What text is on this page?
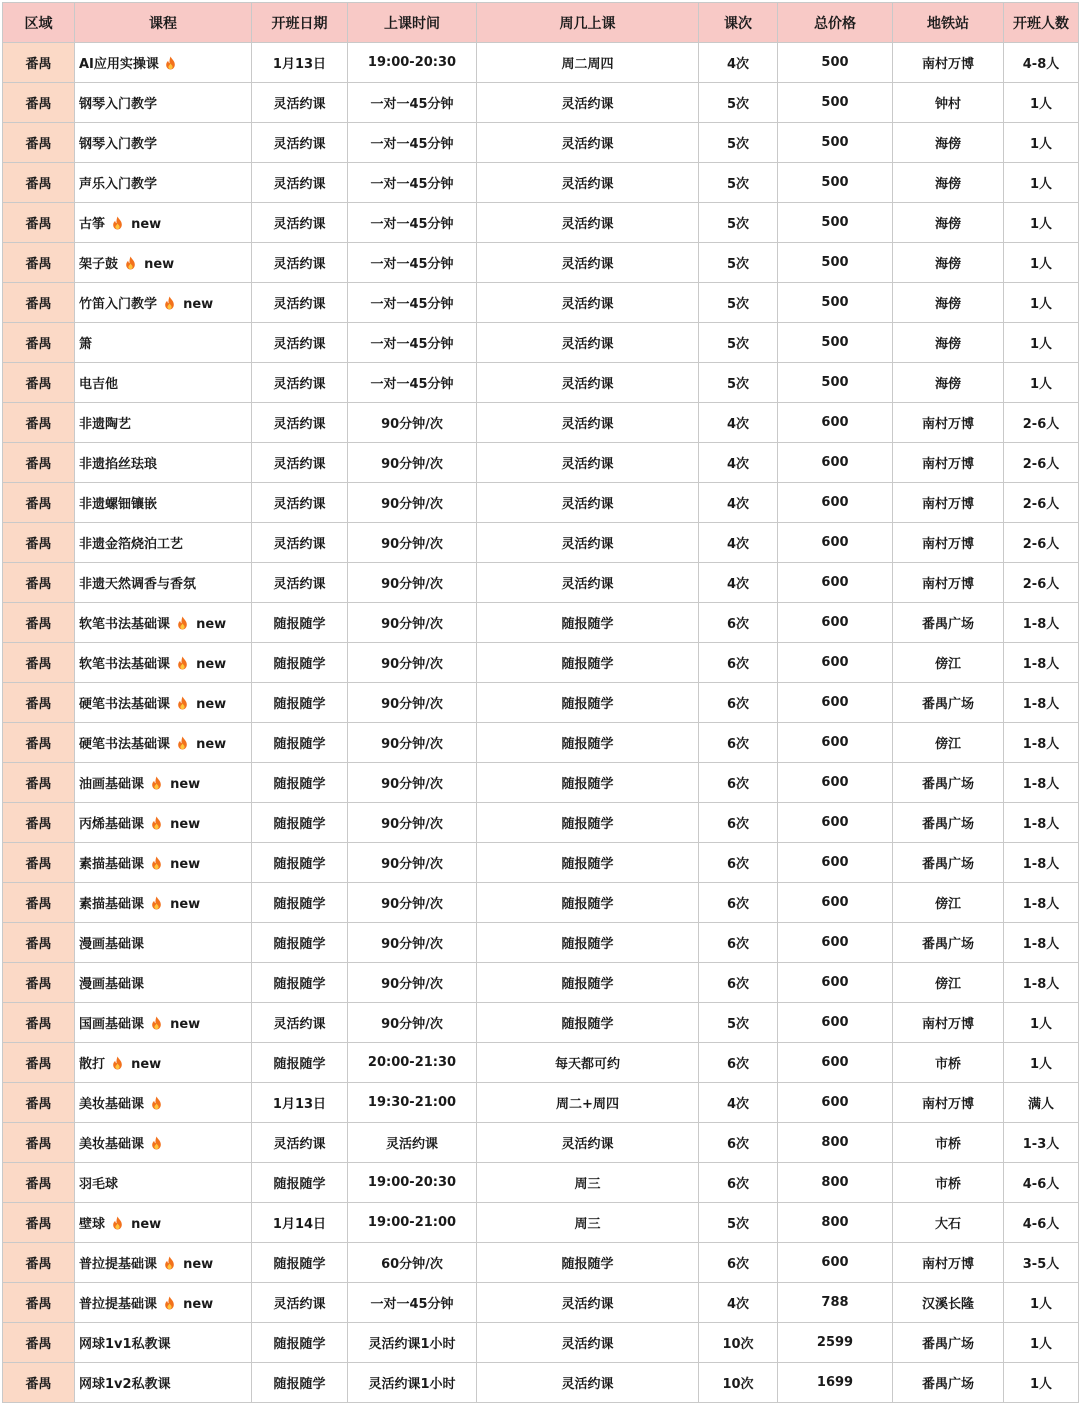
区域	课程	开班日期	上课时间	周几上课	课次	总价格	地铁站	开班人数
番禺	AI应用实操课	1月13日	19:00-20:30	周二周四	4次	500	南村万博	4-8人
番禺	钢琴入门教学	灵活约课	一对一45分钟	灵活约课	5次	500	钟村	1人
番禺	钢琴入门教学	灵活约课	一对一45分钟	灵活约课	5次	500	海傍	1人
番禺	声乐入门教学	灵活约课	一对一45分钟	灵活约课	5次	500	海傍	1人
番禺	古筝 new	灵活约课	一对一45分钟	灵活约课	5次	500	海傍	1人
番禺	架子鼓 new	灵活约课	一对一45分钟	灵活约课	5次	500	海傍	1人
番禺	竹笛入门教学 new	灵活约课	一对一45分钟	灵活约课	5次	500	海傍	1人
番禺	箫	灵活约课	一对一45分钟	灵活约课	5次	500	海傍	1人
番禺	电吉他	灵活约课	一对一45分钟	灵活约课	5次	500	海傍	1人
番禺	非遗陶艺	灵活约课	90分钟/次	灵活约课	4次	600	南村万博	2-6人
番禺	非遗掐丝珐琅	灵活约课	90分钟/次	灵活约课	4次	600	南村万博	2-6人
番禺	非遗螺钿镶嵌	灵活约课	90分钟/次	灵活约课	4次	600	南村万博	2-6人
番禺	非遗金箔烧泊工艺	灵活约课	90分钟/次	灵活约课	4次	600	南村万博	2-6人
番禺	非遗天然调香与香氛	灵活约课	90分钟/次	灵活约课	4次	600	南村万博	2-6人
番禺	软笔书法基础课 new	随报随学	90分钟/次	随报随学	6次	600	番禺广场	1-8人
番禺	软笔书法基础课 new	随报随学	90分钟/次	随报随学	6次	600	傍江	1-8人
番禺	硬笔书法基础课 new	随报随学	90分钟/次	随报随学	6次	600	番禺广场	1-8人
番禺	硬笔书法基础课 new	随报随学	90分钟/次	随报随学	6次	600	傍江	1-8人
番禺	油画基础课 new	随报随学	90分钟/次	随报随学	6次	600	番禺广场	1-8人
番禺	丙烯基础课 new	随报随学	90分钟/次	随报随学	6次	600	番禺广场	1-8人
番禺	素描基础课 new	随报随学	90分钟/次	随报随学	6次	600	番禺广场	1-8人
番禺	素描基础课 new	随报随学	90分钟/次	随报随学	6次	600	傍江	1-8人
番禺	漫画基础课	随报随学	90分钟/次	随报随学	6次	600	番禺广场	1-8人
番禺	漫画基础课	随报随学	90分钟/次	随报随学	6次	600	傍江	1-8人
番禺	国画基础课 new	灵活约课	90分钟/次	随报随学	5次	600	南村万博	1人
番禺	散打 new	随报随学	20:00-21:30	每天都可约	6次	600	市桥	1人
番禺	美妆基础课	1月13日	19:30-21:00	周二+周四	4次	600	南村万博	满人
番禺	美妆基础课	灵活约课	灵活约课	灵活约课	6次	800	市桥	1-3人
番禺	羽毛球	随报随学	19:00-20:30	周三	6次	800	市桥	4-6人
番禺	壁球 new	1月14日	19:00-21:00	周三	5次	800	大石	4-6人
番禺	普拉提基础课 new	随报随学	60分钟/次	随报随学	6次	600	南村万博	3-5人
番禺	普拉提基础课 new	灵活约课	一对一45分钟	灵活约课	4次	788	汉溪长隆	1人
番禺	网球1v1私教课	随报随学	灵活约课1小时	灵活约课	10次	2599	番禺广场	1人
番禺	网球1v2私教课	随报随学	灵活约课1小时	灵活约课	10次	1699	番禺广场	1人
